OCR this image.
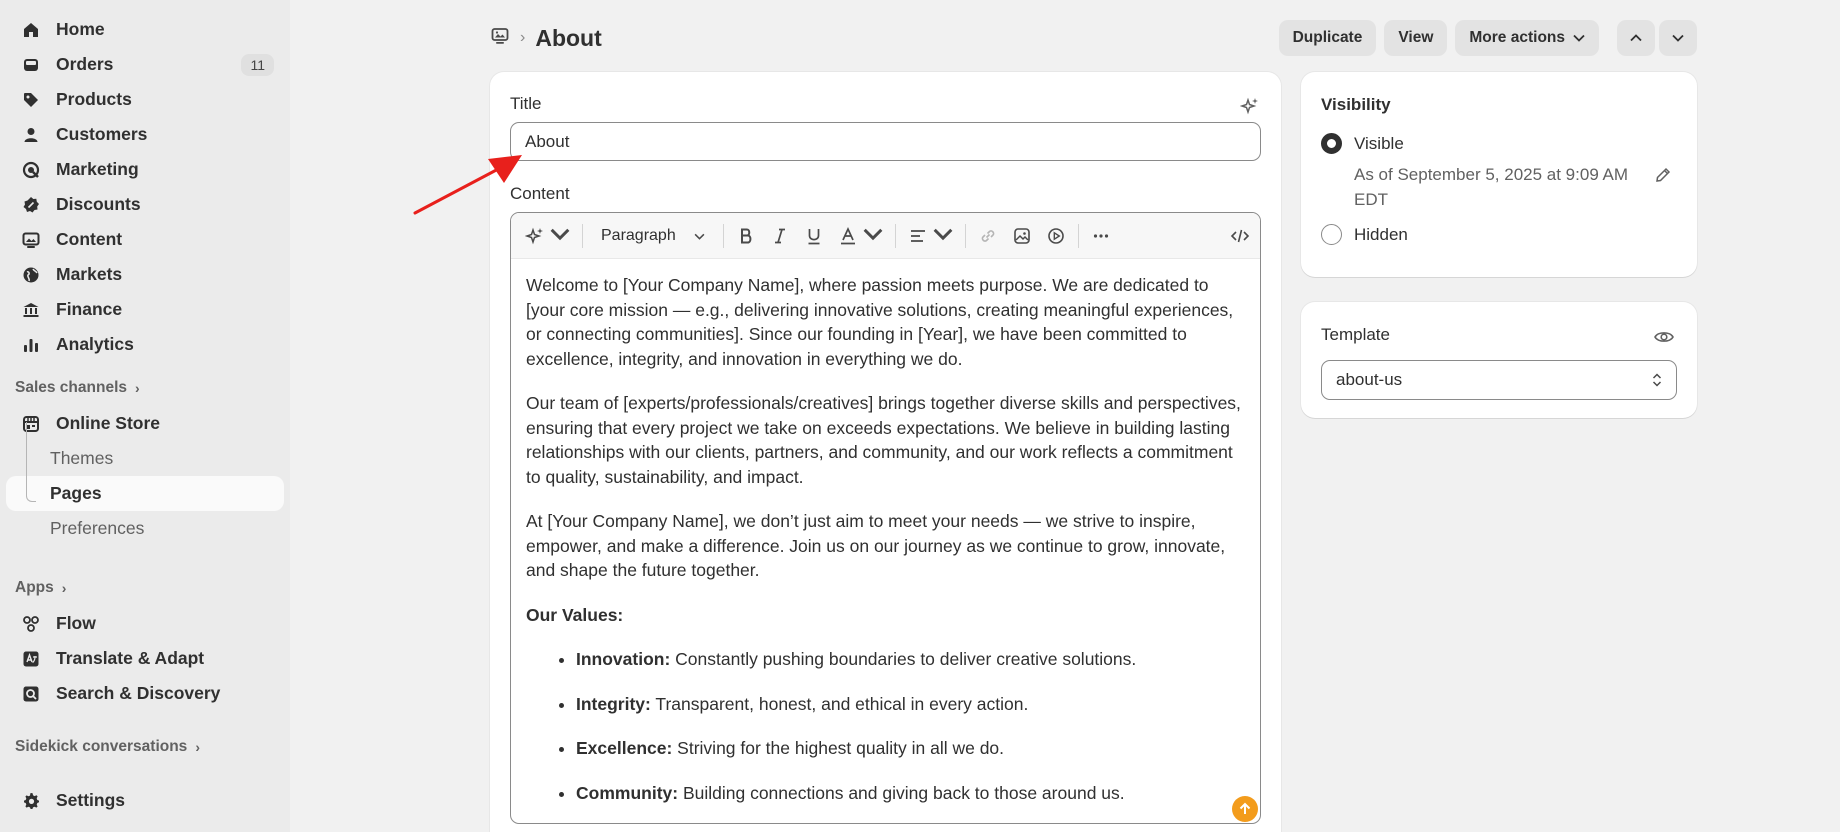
Home
Orders	11
Products
Customers
Marketing
Discounts
Content
Markets
Finance
Analytics
Sales channels ›
Online Store
Themes
Pages
Preferences
Apps ›
Flow
Translate & Adapt
Search & Discovery
Sidekick conversations ›
Settings
› About	Duplicate View More actions
Title
About
Content
Paragraph

Welcome to [Your Company Name], where passion meets purpose. We are dedicated to [your core mission — e.g., delivering innovative solutions, creating meaningful experiences, or connecting communities]. Since our founding in [Year], we have been committed to excellence, integrity, and innovation in everything we do.

Our team of [experts/professionals/creatives] brings together diverse skills and perspectives, ensuring that every project we take on exceeds expectations. We believe in building lasting relationships with our clients, partners, and community, and our work reflects a commitment to quality, sustainability, and impact.

At [Your Company Name], we don’t just aim to meet your needs — we strive to inspire, empower, and make a difference. Join us on our journey as we continue to grow, innovate, and shape the future together.

Our Values:
• Innovation: Constantly pushing boundaries to deliver creative solutions.
• Integrity: Transparent, honest, and ethical in every action.
• Excellence: Striving for the highest quality in all we do.
• Community: Building connections and giving back to those around us.
Visibility
Visible
As of September 5, 2025 at 9:09 AM EDT
Hidden
Template
about-us
